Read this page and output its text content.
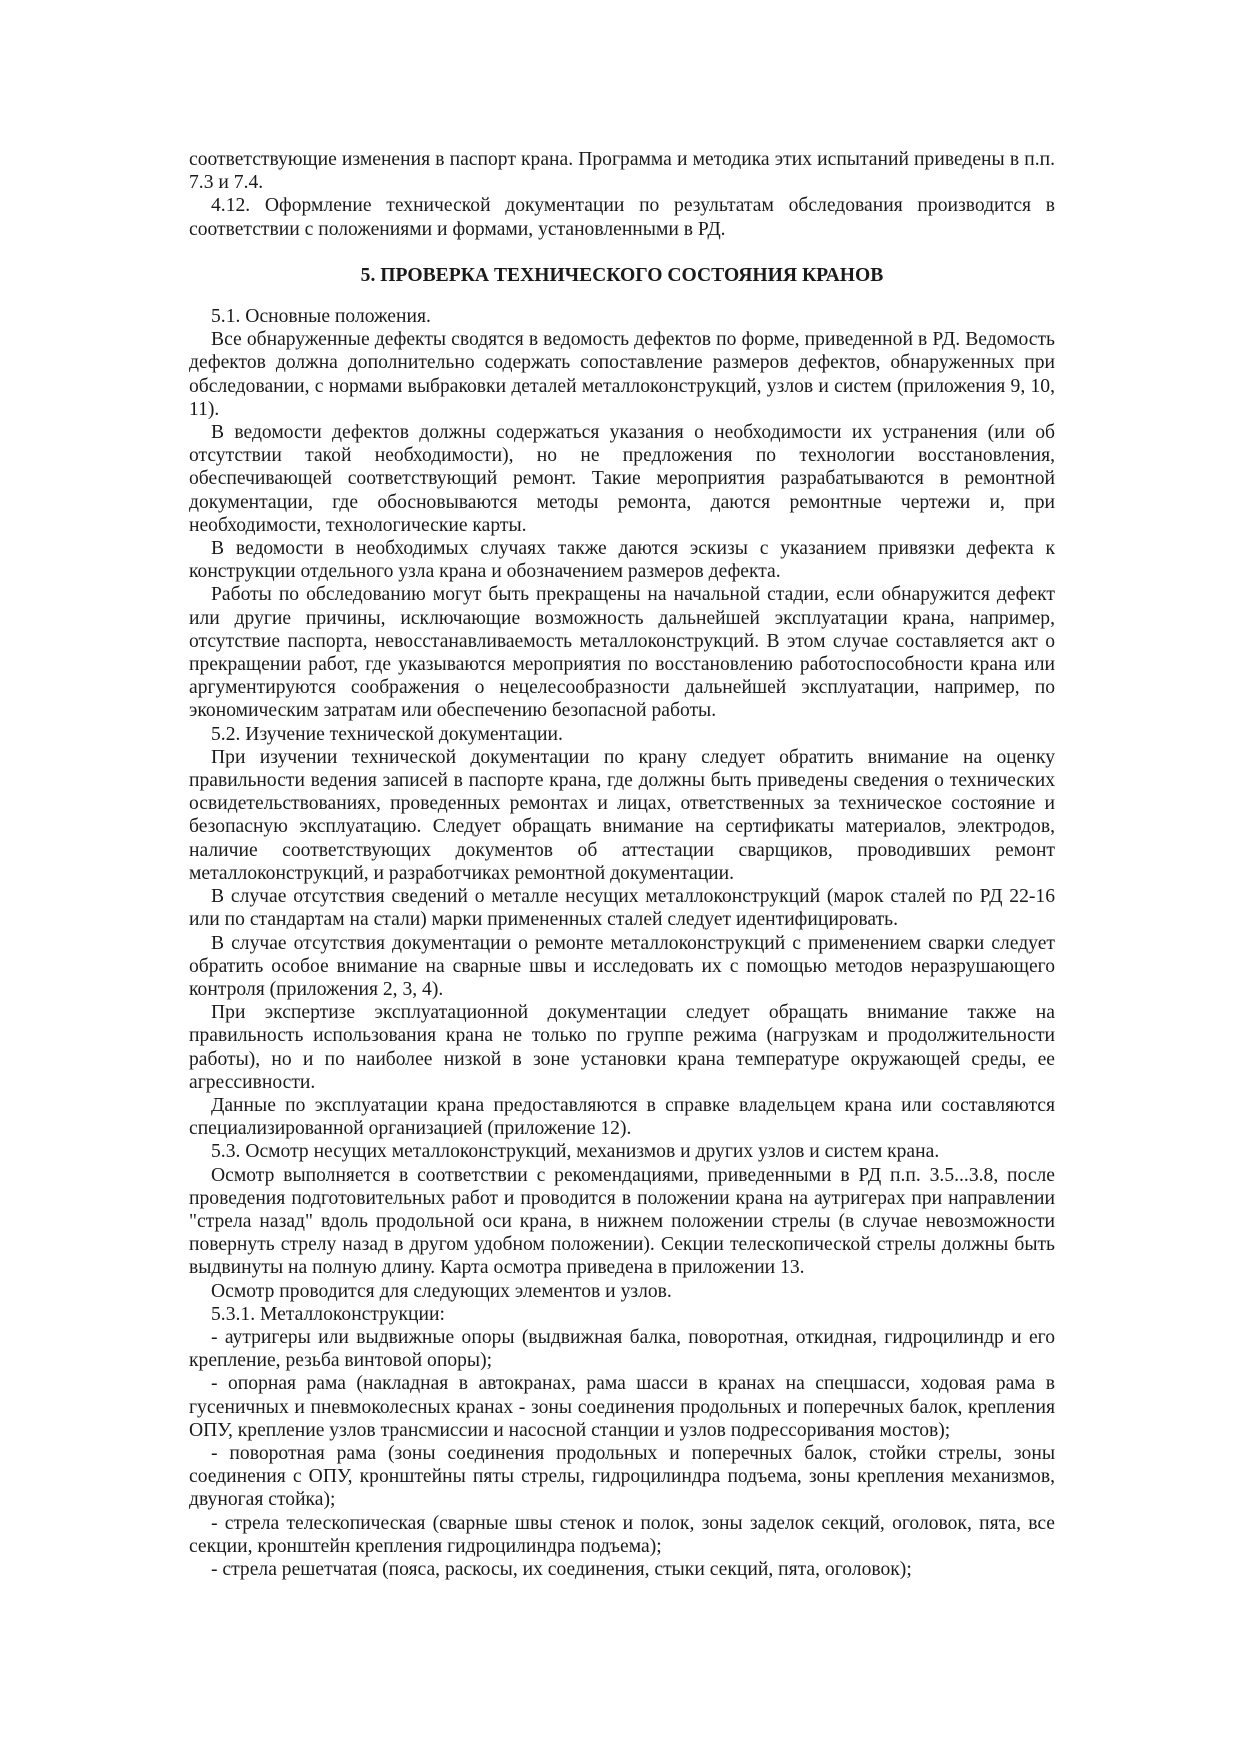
соответствующие изменения в паспорт крана. Программа и методика этих испытаний приведены в п.п. 7.3 и 7.4.

4.12. Оформление технической документации по результатам обследования производится в соответствии с положениями и формами, установленными в РД.

5. ПРОВЕРКА ТЕХНИЧЕСКОГО СОСТОЯНИЯ КРАНОВ

5.1. Основные положения.

Все обнаруженные дефекты сводятся в ведомость дефектов по форме, приведенной в РД. Ведомость дефектов должна дополнительно содержать сопоставление размеров дефектов, обнаруженных при обследовании, с нормами выбраковки деталей металлоконструкций, узлов и систем (приложения 9, 10, 11).

В ведомости дефектов должны содержаться указания о необходимости их устранения (или об отсутствии такой необходимости), но не предложения по технологии восстановления, обеспечивающей соответствующий ремонт. Такие мероприятия разрабатываются в ремонтной документации, где обосновываются методы ремонта, даются ремонтные чертежи и, при необходимости, технологические карты.

В ведомости в необходимых случаях также даются эскизы с указанием привязки дефекта к конструкции отдельного узла крана и обозначением размеров дефекта.

Работы по обследованию могут быть прекращены на начальной стадии, если обнаружится дефект или другие причины, исключающие возможность дальнейшей эксплуатации крана, например, отсутствие паспорта, невосстанавливаемость металлоконструкций. В этом случае составляется акт о прекращении работ, где указываются мероприятия по восстановлению работоспособности крана или аргументируются соображения о нецелесообразности дальнейшей эксплуатации, например, по экономическим затратам или обеспечению безопасной работы.

5.2. Изучение технической документации.

При изучении технической документации по крану следует обратить внимание на оценку правильности ведения записей в паспорте крана, где должны быть приведены сведения о технических освидетельствованиях, проведенных ремонтах и лицах, ответственных за техническое состояние и безопасную эксплуатацию. Следует обращать внимание на сертификаты материалов, электродов, наличие соответствующих документов об аттестации сварщиков, проводивших ремонт металлоконструкций, и разработчиках ремонтной документации.

В случае отсутствия сведений о металле несущих металлоконструкций (марок сталей по РД 22-16 или по стандартам на стали) марки примененных сталей следует идентифицировать.

В случае отсутствия документации о ремонте металлоконструкций с применением сварки следует обратить особое внимание на сварные швы и исследовать их с помощью методов неразрушающего контроля (приложения 2, 3, 4).

При экспертизе эксплуатационной документации следует обращать внимание также на правильность использования крана не только по группе режима (нагрузкам и продолжительности работы), но и по наиболее низкой в зоне установки крана температуре окружающей среды, ее агрессивности.

Данные по эксплуатации крана предоставляются в справке владельцем крана или составляются специализированной организацией (приложение 12).

5.3. Осмотр несущих металлоконструкций, механизмов и других узлов и систем крана.

Осмотр выполняется в соответствии с рекомендациями, приведенными в РД п.п. 3.5...3.8, после проведения подготовительных работ и проводится в положении крана на аутригерах при направлении "стрела назад" вдоль продольной оси крана, в нижнем положении стрелы (в случае невозможности повернуть стрелу назад в другом удобном положении). Секции телескопической стрелы должны быть выдвинуты на полную длину. Карта осмотра приведена в приложении 13.

Осмотр проводится для следующих элементов и узлов.

5.3.1. Металлоконструкции:

- аутригеры или выдвижные опоры (выдвижная балка, поворотная, откидная, гидроцилиндр и его крепление, резьба винтовой опоры);

- опорная рама (накладная в автокранах, рама шасси в кранах на спецшасси, ходовая рама в гусеничных и пневмоколесных кранах - зоны соединения продольных и поперечных балок, крепления ОПУ, крепление узлов трансмиссии и насосной станции и узлов подрессоривания мостов);

- поворотная рама (зоны соединения продольных и поперечных балок, стойки стрелы, зоны соединения с ОПУ, кронштейны пяты стрелы, гидроцилиндра подъема, зоны крепления механизмов, двуногая стойка);

- стрела телескопическая (сварные швы стенок и полок, зоны заделок секций, оголовок, пята, все секции, кронштейн крепления гидроцилиндра подъема);

- стрела решетчатая (пояса, раскосы, их соединения, стыки секций, пята, оголовок);
